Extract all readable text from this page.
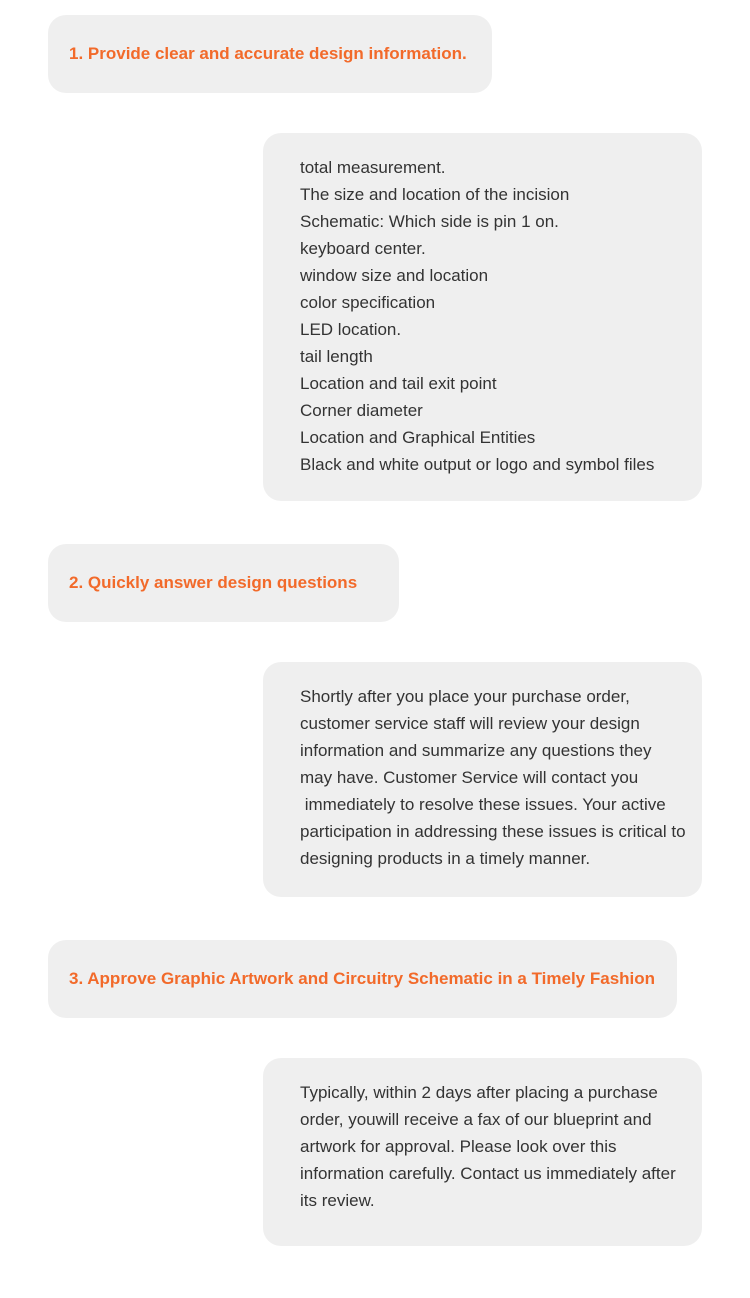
1. Provide clear and accurate design information.
total measurement.
The size and location of the incision
Schematic: Which side is pin 1 on.
keyboard center.
window size and location
color specification
LED location.
tail length
Location and tail exit point
Corner diameter
Location and Graphical Entities
Black and white output or logo and symbol files
2. Quickly answer design questions
Shortly after you place your purchase order,
customer service staff will review your design
information and summarize any questions they
may have. Customer Service will contact you
immediately to resolve these issues. Your active
participation in addressing these issues is critical to
designing products in a timely manner.
3. Approve Graphic Artwork and Circuitry Schematic in a Timely Fashion
Typically, within 2 days after placing a purchase
order, youwill receive a fax of our blueprint and
artwork for approval. Please look over this
information carefully. Contact us immediately after
its review.
